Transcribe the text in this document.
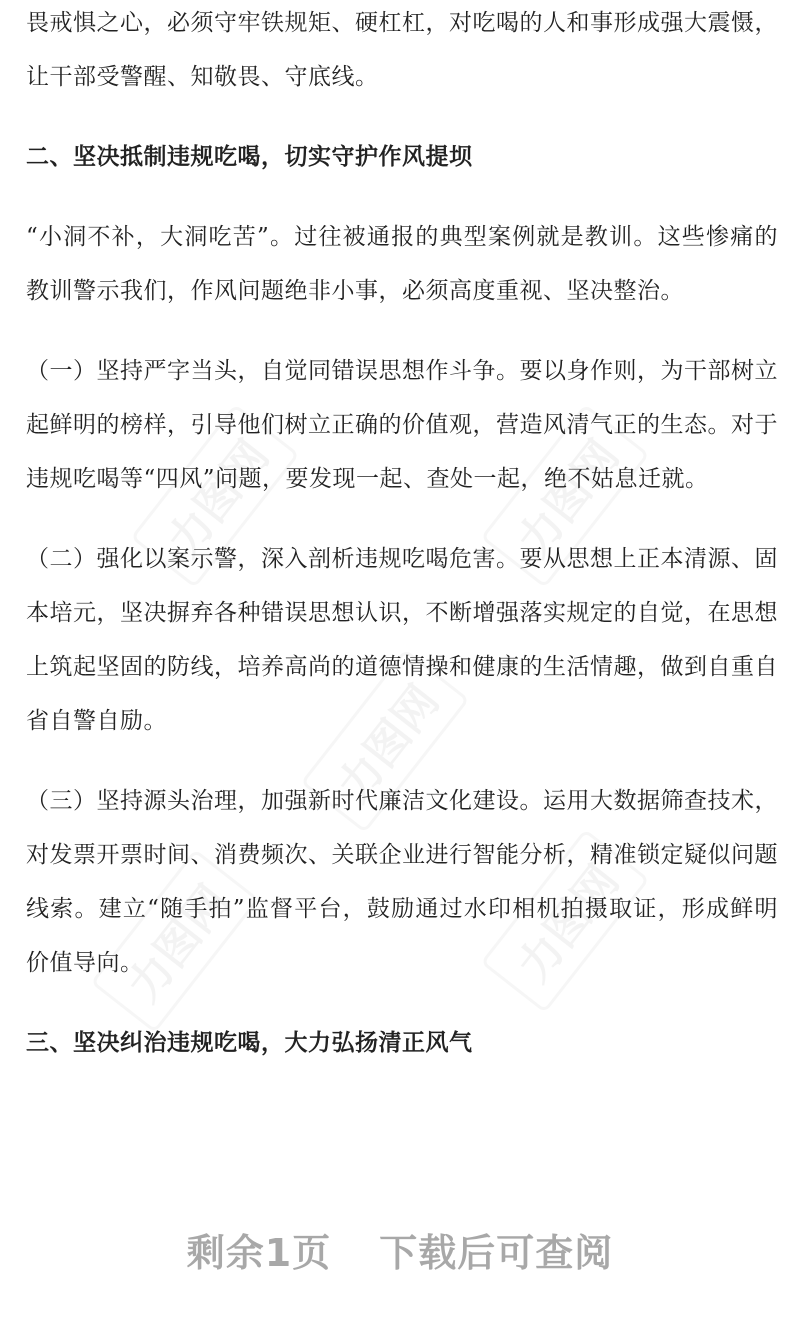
力图网	力图网
力图网
力图网	力图网

畏戒惧之心，必须守牢铁规矩、硬杠杠，对吃喝的人和事形成强大震慑，让干部受警醒、知敬畏、守底线。

二、坚决抵制违规吃喝，切实守护作风提坝

“小洞不补，大洞吃苦”。过往被通报的典型案例就是教训。这些惨痛的教训警示我们，作风问题绝非小事，必须高度重视、坚决整治。

（一）坚持严字当头，自觉同错误思想作斗争。要以身作则，为干部树立起鲜明的榜样，引导他们树立正确的价值观，营造风清气正的生态。对于违规吃喝等“四风”问题，要发现一起、查处一起，绝不姑息迁就。

（二）强化以案示警，深入剖析违规吃喝危害。要从思想上正本清源、固本培元，坚决摒弃各种错误思想认识，不断增强落实规定的自觉，在思想上筑起坚固的防线，培养高尚的道德情操和健康的生活情趣，做到自重自省自警自励。

（三）坚持源头治理，加强新时代廉洁文化建设。运用大数据筛查技术，对发票开票时间、消费频次、关联企业进行智能分析，精准锁定疑似问题线索。建立“随手拍”监督平台，鼓励通过水印相机拍摄取证，形成鲜明价值导向。

三、坚决纠治违规吃喝，大力弘扬清正风气

剩余1页 下载后可查阅
